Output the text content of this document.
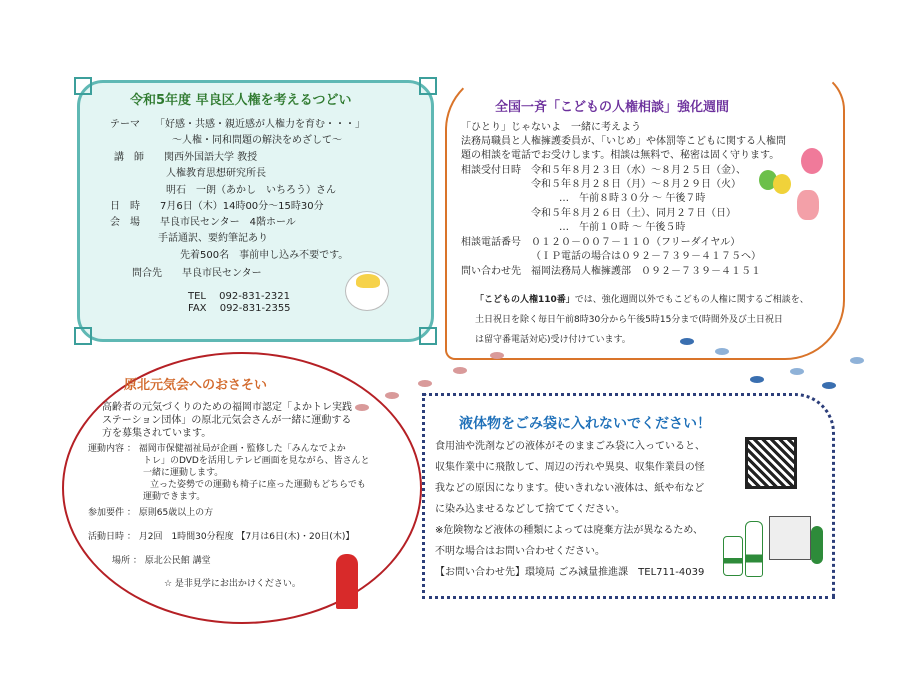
令和5年度 早良区人権を考えるつどい
テーマ　　「好感・共感・親近感が人権力を育む・・・」
～人権・同和問題の解決をめざして～
講　師　　関西外国語大学 教授
人権教育思想研究所長
明石　一朗（あかし　いちろう）さん
日　時　　7月6日（木）14時00分～15時30分
会　場　　早良市民センター　4階ホール
手話通訳、要約筆記あり
先着500名　事前申し込み不要です。
問合先　　早良市民センター
TEL　 092-831-2321
FAX　 092-831-2355
全国一斉「こどもの人権相談」強化週間
「ひとり」じゃないよ　一緒に考えよう
法務局職員と人権擁護委員が、「いじめ」や体罰等こどもに関する人権問
題の相談を電話でお受けします。相談は無料で、秘密は固く守ります。
相談受付日時　令和５年８月２３日（水）～８月２５日（金）、
令和５年８月２８日（月）～８月２９日（火）
…　午前８時３０分 ～ 午後７時
令和５年８月２６日（土）、同月２７日（日）
…　午前１０時 ～ 午後５時
相談電話番号　０１２０－００７－１１０（フリーダイヤル）
（ＩＰ電話の場合は０９２－７３９－４１７５へ）
問い合わせ先　福岡法務局人権擁護部　０９２－７３９－４１５１
「こどもの人権110番」では、強化週間以外でもこどもの人権に関するご相談を、
土日祝日を除く毎日午前8時30分から午後5時15分まで(時間外及び土日祝日
は留守番電話対応)受け付けています。
原北元気会へのおさそい
高齢者の元気づくりのための福岡市認定「よかトレ実践
ステーション団体」の原北元気会さんが一緒に運動する
方を募集されています。
運動内容 ： 福岡市保健福祉局が企画・監修した「みんなでよか
トレ」のDVDを活用しテレビ画面を見ながら、皆さんと
一緒に運動します。
立った姿勢での運動も椅子に座った運動もどちらでも
運動できます。
参加要件 ： 原則65歳以上の方
活動日時 ： 月2回　1時間30分程度 【7月は6日(木)・20日(木)】
場所 ： 原北公民館 講堂
☆ 是非見学にお出かけください。
液体物をごみ袋に入れないでください！
食用油や洗剤などの液体がそのままごみ袋に入っていると、
収集作業中に飛散して、周辺の汚れや異臭、収集作業員の怪
我などの原因になります。使いきれない液体は、紙や布など
に染み込ませるなどして捨ててください。
※危険物など液体の種類によっては廃棄方法が異なるため、
不明な場合はお問い合わせください。
【お問い合わせ先】環境局 ごみ減量推進課　TEL711-4039
